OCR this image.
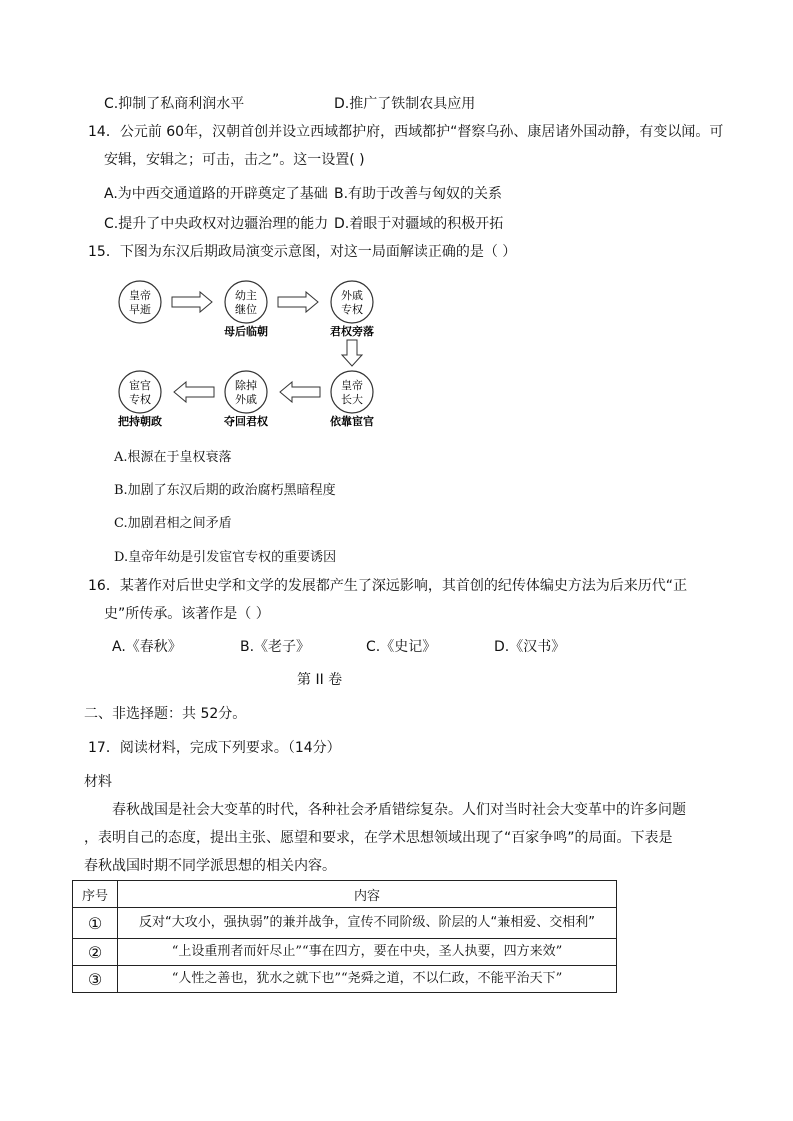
C.抑制了私商利润水平	D.推广了铁制农具应用
14．公元前 60年，汉朝首创并设立西域都护府，西域都护“督察乌孙、康居诸外国动静，有变以闻。可
安辑，安辑之；可击，击之”。这一设置( )
A.为中西交通道路的开辟奠定了基础 B.有助于改善与匈奴的关系
C.提升了中央政权对边疆治理的能力 D.着眼于对疆域的积极开拓
15．下图为东汉后期政局演变示意图，对这一局面解读正确的是（ ）
皇帝
早逝
幼主
继位
母后临朝
外戚
专权
君权旁落
皇帝
长大
依靠宦官
除掉
外戚
夺回君权
宦官
专权
把持朝政
A.根源在于皇权衰落
B.加剧了东汉后期的政治腐朽黑暗程度
C.加剧君相之间矛盾
D.皇帝年幼是引发宦官专权的重要诱因
16．某著作对后世史学和文学的发展都产生了深远影响，其首创的纪传体编史方法为后来历代“正
史”所传承。该著作是（ ）
A.《春秋》	B.《老子》	C.《史记》	D.《汉书》
第 II 卷
二、非选择题：共 52分。
17．阅读材料，完成下列要求。（14分）
材料
春秋战国是社会大变革的时代，各种社会矛盾错综复杂。人们对当时社会大变革中的许多问题
，表明自己的态度，提出主张、愿望和要求，在学术思想领域出现了“百家争鸣”的局面。下表是
春秋战国时期不同学派思想的相关内容。
序号	内容
①	反对“大攻小，强执弱”的兼并战争，宣传不同阶级、阶层的人“兼相爱、交相利”
②	“上设重刑者而奸尽止”“事在四方，要在中央，圣人执要，四方来效”
③	“人性之善也，犹水之就下也”“尧舜之道，不以仁政，不能平治天下”
